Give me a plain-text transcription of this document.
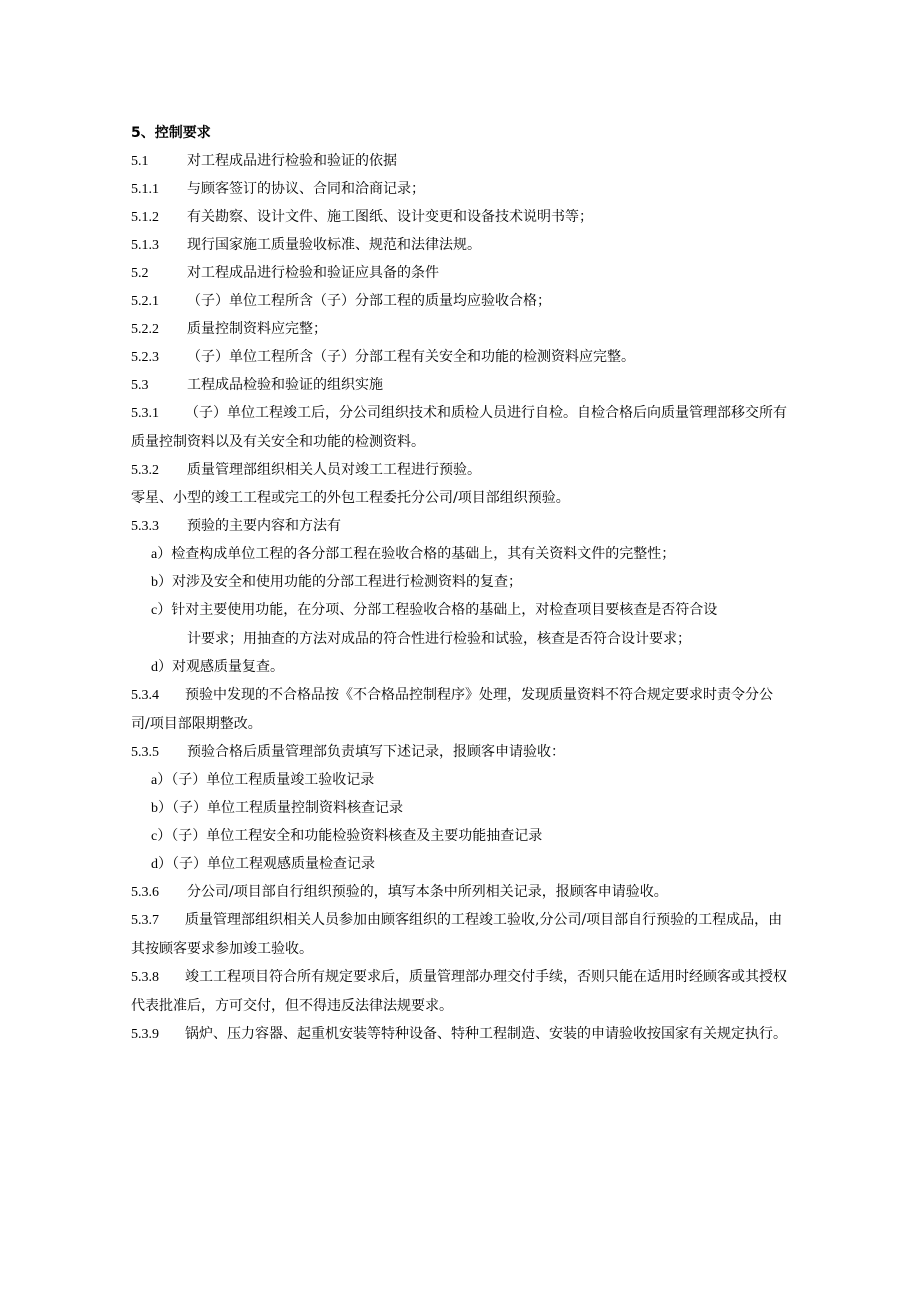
5、控制要求
5.1	对工程成品进行检验和验证的依据
5.1.1 与顾客签订的协议、合同和洽商记录；
5.1.2 有关勘察、设计文件、施工图纸、设计变更和设备技术说明书等；
5.1.3 现行国家施工质量验收标准、规范和法律法规。
5.2	对工程成品进行检验和验证应具备的条件
5.2.1 （子）单位工程所含（子）分部工程的质量均应验收合格；
5.2.2 质量控制资料应完整；
5.2.3 （子）单位工程所含（子）分部工程有关安全和功能的检测资料应完整。
5.3	工程成品检验和验证的组织实施
5.3.1 （子）单位工程竣工后，分公司组织技术和质检人员进行自检。自检合格后向质量管理部移交所有质量控制资料以及有关安全和功能的检测资料。
5.3.2 质量管理部组织相关人员对竣工工程进行预验。
零星、小型的竣工工程或完工的外包工程委托分公司/项目部组织预验。
5.3.3 预验的主要内容和方法有
a）检查构成单位工程的各分部工程在验收合格的基础上，其有关资料文件的完整性；
b）对涉及安全和使用功能的分部工程进行检测资料的复查；
c）针对主要使用功能，在分项、分部工程验收合格的基础上，对检查项目要核查是否符合设
计要求；用抽查的方法对成品的符合性进行检验和试验，核查是否符合设计要求；
d）对观感质量复查。
5.3.4 预验中发现的不合格品按《不合格品控制程序》处理，发现质量资料不符合规定要求时责令分公司/项目部限期整改。
5.3.5 预验合格后质量管理部负责填写下述记录，报顾客申请验收：
a）（子）单位工程质量竣工验收记录
b）（子）单位工程质量控制资料核查记录
c）（子）单位工程安全和功能检验资料核查及主要功能抽查记录
d）（子）单位工程观感质量检查记录
5.3.6 分公司/项目部自行组织预验的，填写本条中所列相关记录，报顾客申请验收。
5.3.7 质量管理部组织相关人员参加由顾客组织的工程竣工验收,分公司/项目部自行预验的工程成品，由其按顾客要求参加竣工验收。
5.3.8 竣工工程项目符合所有规定要求后，质量管理部办理交付手续，否则只能在适用时经顾客或其授权代表批准后，方可交付，但不得违反法律法规要求。
5.3.9 锅炉、压力容器、起重机安装等特种设备、特种工程制造、安装的申请验收按国家有关规定执行。
